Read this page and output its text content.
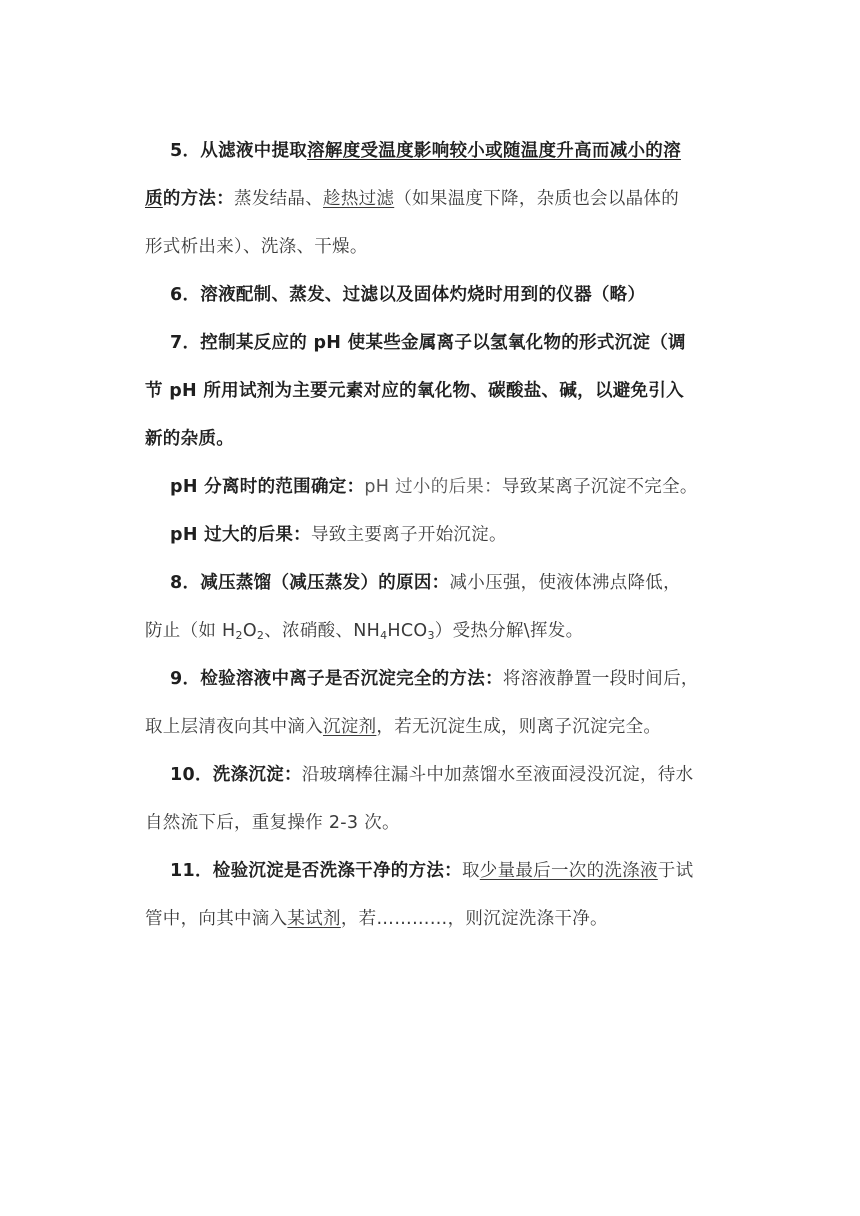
5．从滤液中提取溶解度受温度影响较小或随温度升高而减小的溶
质的方法：蒸发结晶、趁热过滤（如果温度下降，杂质也会以晶体的
形式析出来）、洗涤、干燥。
6．溶液配制、蒸发、过滤以及固体灼烧时用到的仪器（略）
7．控制某反应的 pH 使某些金属离子以氢氧化物的形式沉淀（调
节 pH 所用试剂为主要元素对应的氧化物、碳酸盐、碱，以避免引入
新的杂质。
pH 分离时的范围确定：pH 过小的后果：导致某离子沉淀不完全。
pH 过大的后果：导致主要离子开始沉淀。
8．减压蒸馏（减压蒸发）的原因：减小压强，使液体沸点降低，
防止（如 $H_2O_2$、浓硝酸、$NH_4HCO_3$）受热分解\挥发。
9．检验溶液中离子是否沉淀完全的方法：将溶液静置一段时间后，
取上层清夜向其中滴入沉淀剂，若无沉淀生成，则离子沉淀完全。
10．洗涤沉淀：沿玻璃棒往漏斗中加蒸馏水至液面浸没沉淀，待水
自然流下后，重复操作 2-3 次。
11．检验沉淀是否洗涤干净的方法：取少量最后一次的洗涤液于试
管中，向其中滴入某试剂，若…………，则沉淀洗涤干净。
